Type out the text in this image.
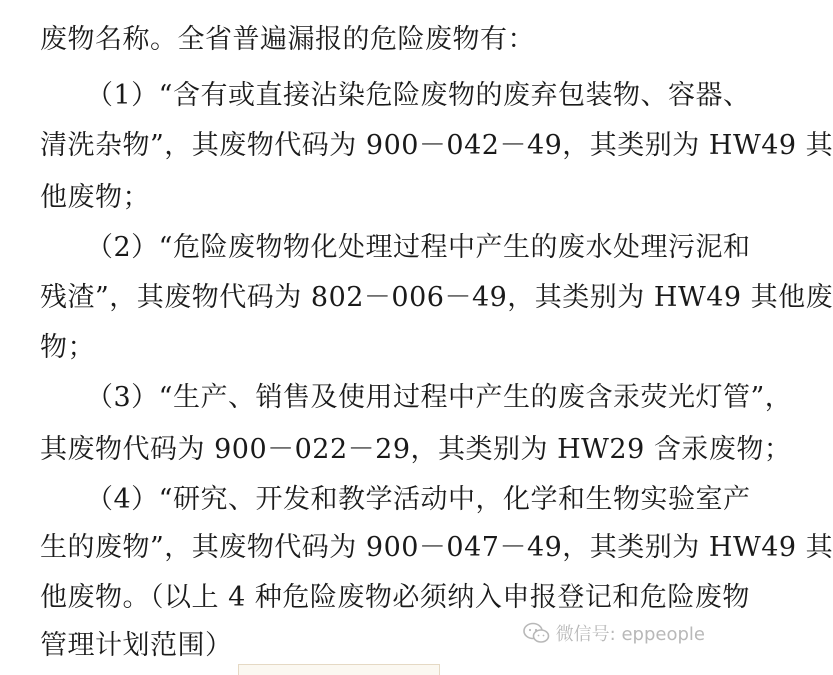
废物名称。全省普遍漏报的危险废物有：
（1）“含有或直接沾染危险废物的废弃包装物、容器、
清洗杂物”，其废物代码为 900－042－49，其类别为 HW49 其
他废物；
（2）“危险废物物化处理过程中产生的废水处理污泥和
残渣”，其废物代码为 802－006－49，其类别为 HW49 其他废
物；
（3）“生产、销售及使用过程中产生的废含汞荧光灯管”，
其废物代码为 900－022－29，其类别为 HW29 含汞废物；
（4）“研究、开发和教学活动中，化学和生物实验室产
生的废物”，其废物代码为 900－047－49，其类别为 HW49 其
他废物。（以上 4 种危险废物必须纳入申报登记和危险废物
管理计划范围）	微信号: eppeople
